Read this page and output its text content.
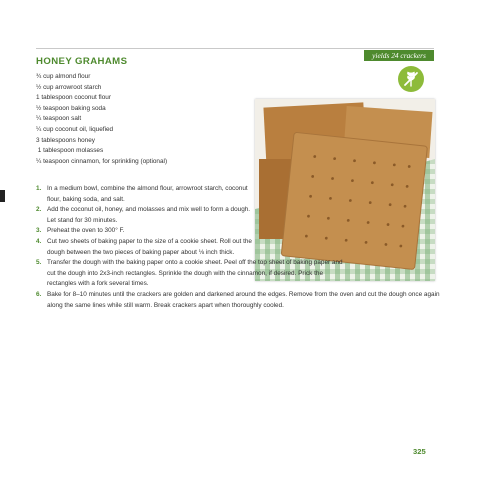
HONEY GRAHAMS
yields 24 crackers
¾ cup almond flour
½ cup arrowroot starch
1 tablespoon coconut flour
½ teaspoon baking soda
¼ teaspoon salt
¼ cup coconut oil, liquefied
3 tablespoons honey
1 tablespoon molasses
¼ teaspoon cinnamon, for sprinkling (optional)
1. In a medium bowl, combine the almond flour, arrowroot starch, coconut flour, baking soda, and salt.
2. Add the coconut oil, honey, and molasses and mix well to form a dough. Let stand for 30 minutes.
3. Preheat the oven to 300° F.
4. Cut two sheets of baking paper to the size of a cookie sheet. Roll out the dough between the two pieces of baking paper about ⅛ inch thick.
5. Transfer the dough with the baking paper onto a cookie sheet. Peel off the top sheet of baking paper and cut the dough into 2x3-inch rectangles. Sprinkle the dough with the cinnamon, if desired. Prick the rectangles with a fork several times.
6. Bake for 8–10 minutes until the crackers are golden and darkened around the edges. Remove from the oven and cut the dough once again along the same lines while still warm. Break crackers apart when thoroughly cooled.
325
